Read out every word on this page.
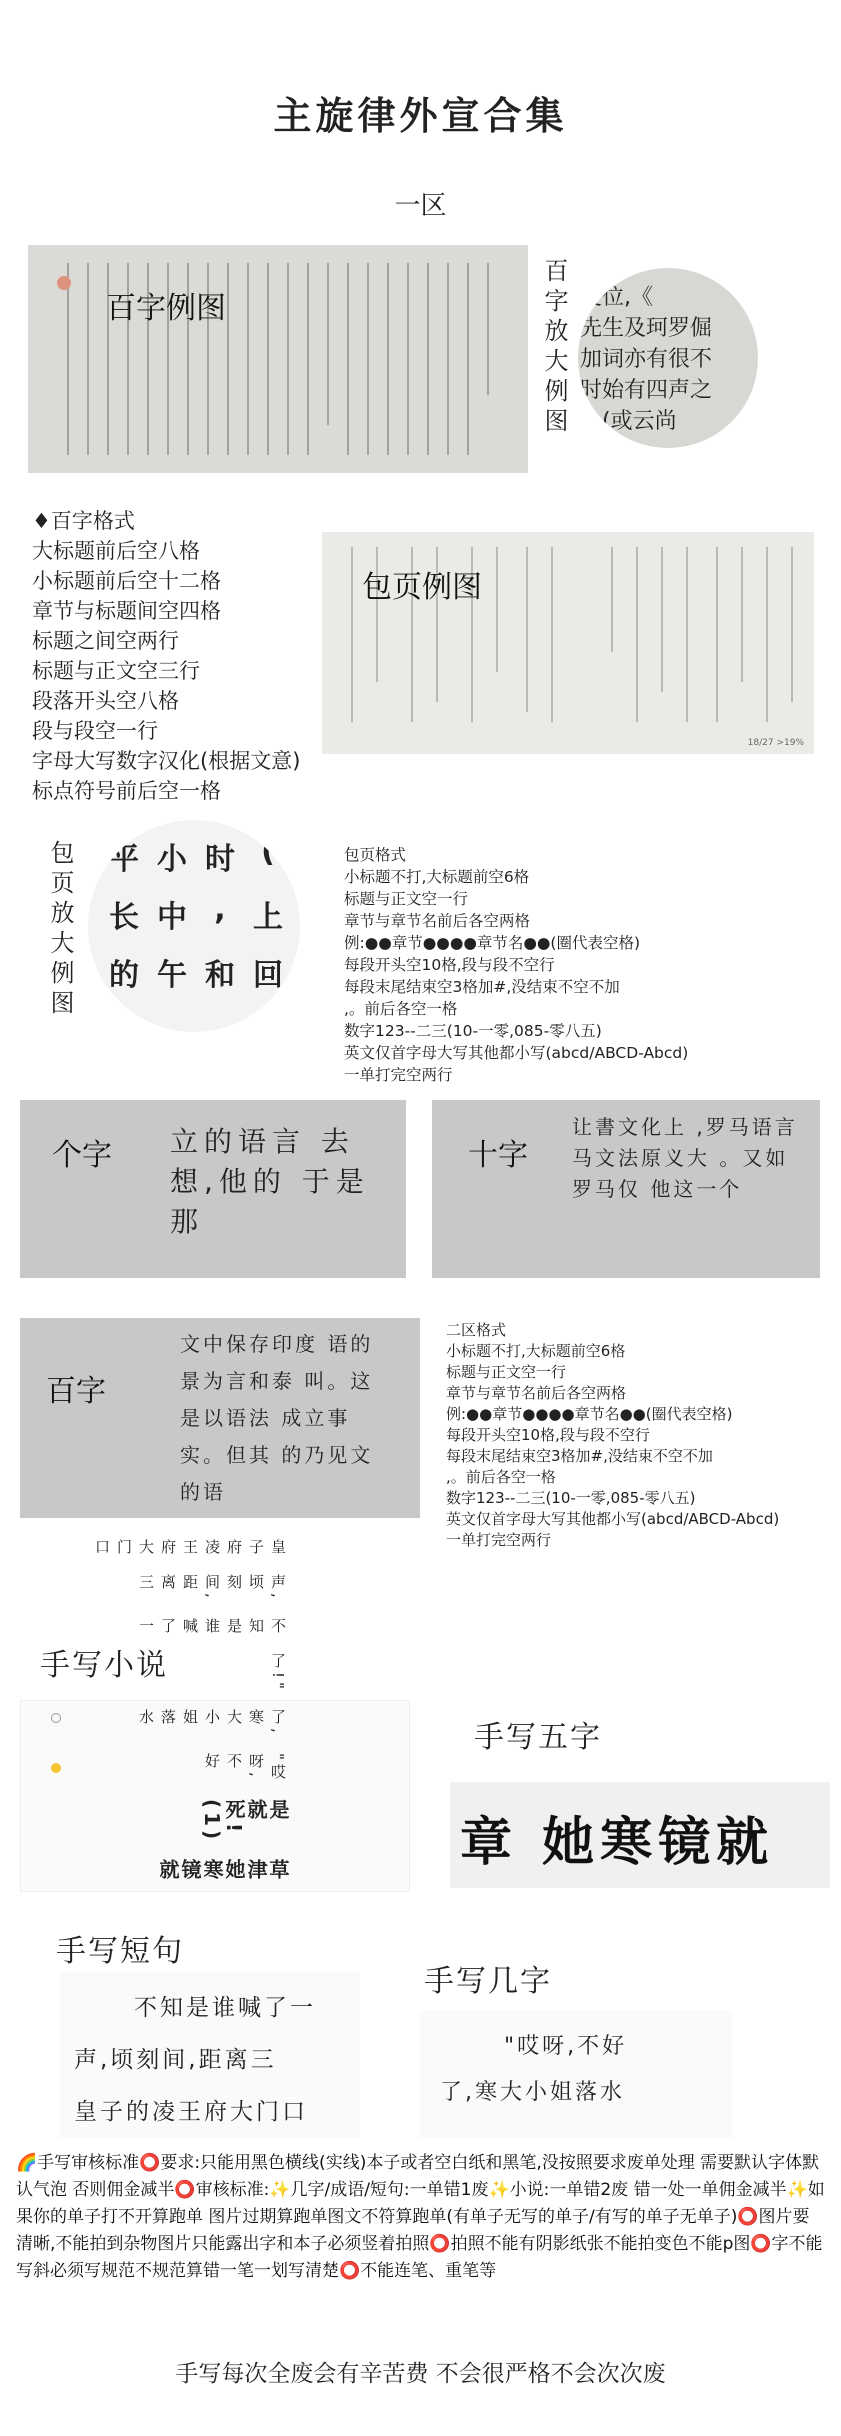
主旋律外宣合集
一区
百字例图	百字放大例图 变位,《
先生及珂罗倔
加词亦有很不
时始有四声之
九(或云尚
♦百字格式
大标题前后空八格
小标题前后空十二格
章节与标题间空四格
标题之间空两行
标题与正文空三行
段落开头空八格
段与段空一行
字母大写数字汉化(根据文意)
标点符号前后空一格
包页例图
18/27 >19%
包页放大例图	平 小 时 (
长 中 , 上
的 午 和 回
包页格式
小标题不打,大标题前空6格
标题与正文空一行
章节与章节名前后各空两格
例:●●章节●●●●章节名●●(圈代表空格)
每段开头空10格,段与段不空行
每段末尾结束空3格加#,没结束不空不加
,。前后各空一格
数字123--二三(10-一零,085-零八五)
英文仅首字母大写其他都小写(abcd/ABCD-Abcd)
一单打完空两行
立的语言 去想,他的 于是那
个字
让書文化上 ,罗马语言 马文法原义大 。又如罗马仅 他这一个
十字
文中保存印度 语的景为言和泰 叫。这是以语法 成立事实。但其 的乃见文的语
百字
二区格式
小标题不打,大标题前空6格
标题与正文空一行
章节与章节名前后各空两格
例:●●章节●●●●章节名●●(圈代表空格)
每段开头空10格,段与段不空行
每段末尾结束空3格加#,没结束不空不加
,。前后各空一格
数字123--二三(10-一零,085-零八五)
英文仅首字母大写其他都小写(abcd/ABCD-Abcd)
一单打完空两行
手写小说
草津她寒镜就
是就死!(1)
"哎呀,不好
了,寒大小姐落水
了!"
不知是谁喊了一
声,顷刻间,距离三
皇子府凌王府大门口
手写五字
章 她寒镜就
手写短句
不知是谁喊了一
声,顷刻间,距离三
皇子的凌王府大门口
手写几字
"哎呀,不好
了,寒大小姐落水
🌈手写审核标准⭕要求:只能用黑色横线(实线)本子或者空白纸和黑笔,没按照要求废单处理 需要默认字体默认气泡 否则佣金减半⭕审核标准:✨几字/成语/短句:一单错1废✨小说:一单错2废 错一处一单佣金减半✨如果你的单子打不开算跑单 图片过期算跑单图文不符算跑单(有单子无写的单子/有写的单子无单子)⭕图片要清晰,不能拍到杂物图片只能露出字和本子必须竖着拍照⭕拍照不能有阴影纸张不能拍变色不能p图⭕字不能写斜必须写规范不规范算错一笔一划写清楚⭕不能连笔、重笔等
手写每次全废会有辛苦费 不会很严格不会次次废
